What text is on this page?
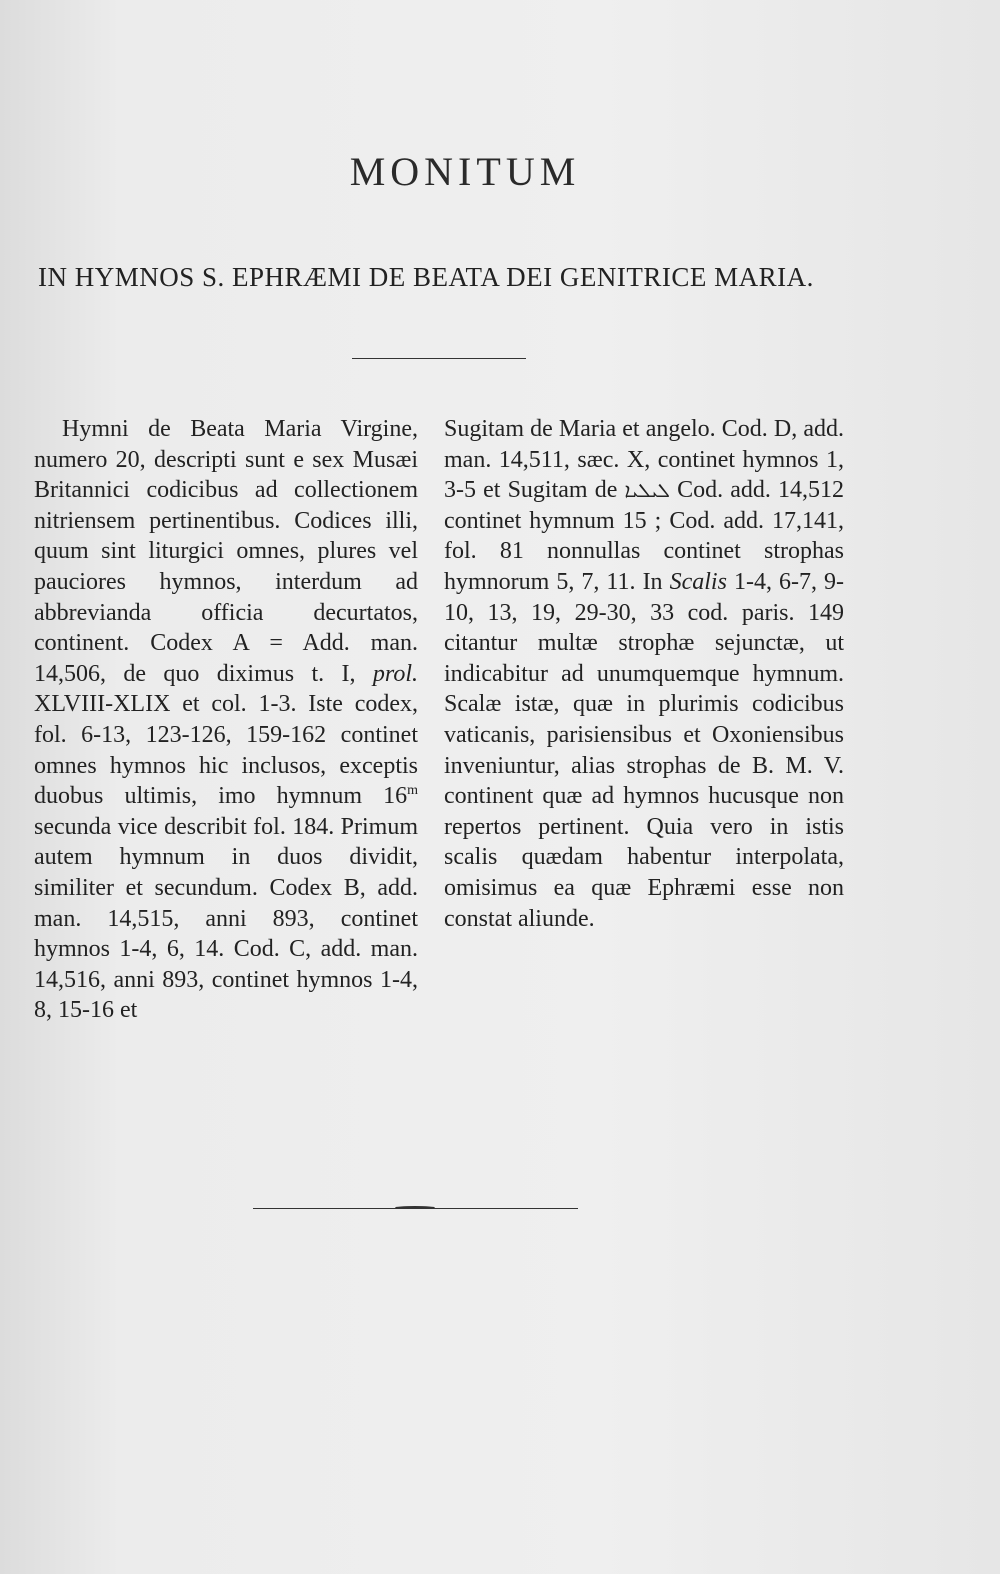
MONITUM
IN HYMNOS S. EPHRÆMI DE BEATA DEI GENITRICE MARIA.

Hymni de Beata Maria Virgine, numero 20, descripti sunt e sex Musæi Britannici codicibus ad collectionem nitriensem pertinentibus. Codices illi, quum sint liturgici omnes, plures vel pauciores hymnos, interdum ad abbrevianda officia decurtatos, continent. Codex A = Add. man. 14,506, de quo diximus t. I, prol. XLVIII-XLIX et col. 1-3. Iste codex, fol. 6-13, 123-126, 159-162 continet omnes hymnos hic inclusos, exceptis duobus ultimis, imo hymnum 16$^m$ secunda vice describit fol. 184. Primum autem hymnum in duos dividit, similiter et secundum. Codex B, add. man. 14,515, anni 893, continet hymnos 1-4, 6, 14. Cod. C, add. man. 14,516, anni 893, continet hymnos 1-4, 8, 15-16 et

Sugitam de Maria et angelo. Cod. D, add. man. 14,511, sæc. X, continet hymnos 1, 3-5 et Sugitam de ܠܝܠܝܐ Cod. add. 14,512 continet hymnum 15 ; Cod. add. 17,141, fol. 81 nonnullas continet strophas hymnorum 5, 7, 11. In Scalis 1-4, 6-7, 9-10, 13, 19, 29-30, 33 cod. paris. 149 citantur multæ strophæ sejunctæ, ut indicabitur ad unumquemque hymnum. Scalæ istæ, quæ in plurimis codicibus vaticanis, parisiensibus et Oxoniensibus inveniuntur, alias strophas de B. M. V. continent quæ ad hymnos hucusque non repertos pertinent. Quia vero in istis scalis quædam habentur interpolata, omisimus ea quæ Ephræmi esse non constat aliunde.
